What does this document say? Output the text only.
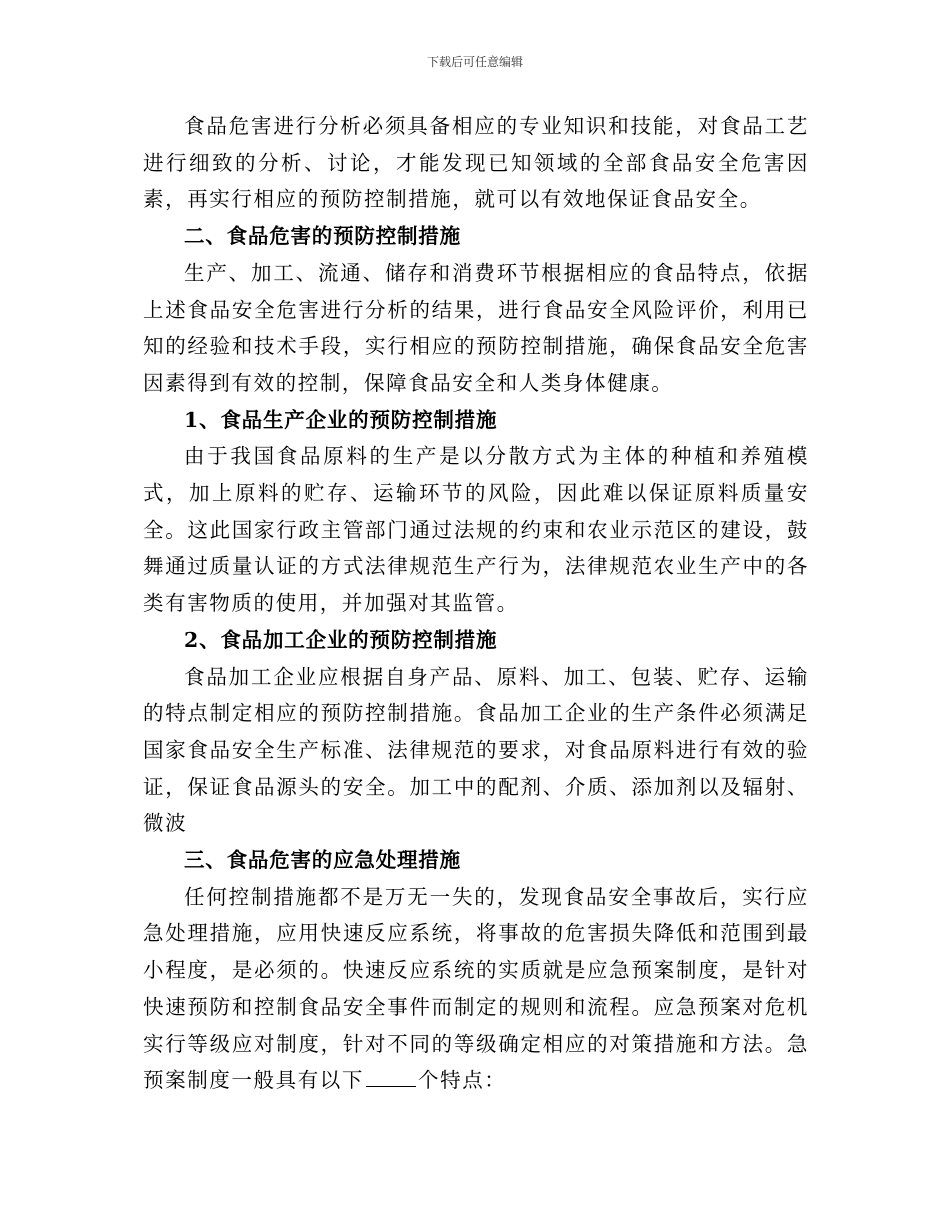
下载后可任意编辑

食品危害进行分析必须具备相应的专业知识和技能，对食品工艺进行细致的分析、讨论，才能发现已知领域的全部食品安全危害因素，再实行相应的预防控制措施，就可以有效地保证食品安全。

二、食品危害的预防控制措施

生产、加工、流通、储存和消费环节根据相应的食品特点，依据上述食品安全危害进行分析的结果，进行食品安全风险评价，利用已知的经验和技术手段，实行相应的预防控制措施，确保食品安全危害因素得到有效的控制，保障食品安全和人类身体健康。

1、食品生产企业的预防控制措施

由于我国食品原料的生产是以分散方式为主体的种植和养殖模式，加上原料的贮存、运输环节的风险，因此难以保证原料质量安全。这此国家行政主管部门通过法规的约束和农业示范区的建设，鼓舞通过质量认证的方式法律规范生产行为，法律规范农业生产中的各类有害物质的使用，并加强对其监管。

2、食品加工企业的预防控制措施

食品加工企业应根据自身产品、原料、加工、包装、贮存、运输的特点制定相应的预防控制措施。食品加工企业的生产条件必须满足国家食品安全生产标准、法律规范的要求，对食品原料进行有效的验证，保证食品源头的安全。加工中的配剂、介质、添加剂以及辐射、微波

三、食品危害的应急处理措施

任何控制措施都不是万无一失的，发现食品安全事故后，实行应急处理措施，应用快速反应系统，将事故的危害损失降低和范围到最小程度，是必须的。快速反应系统的实质就是应急预案制度，是针对快速预防和控制食品安全事件而制定的规则和流程。应急预案对危机实行等级应对制度，针对不同的等级确定相应的对策措施和方法。急预案制度一般具有以下	个特点：
